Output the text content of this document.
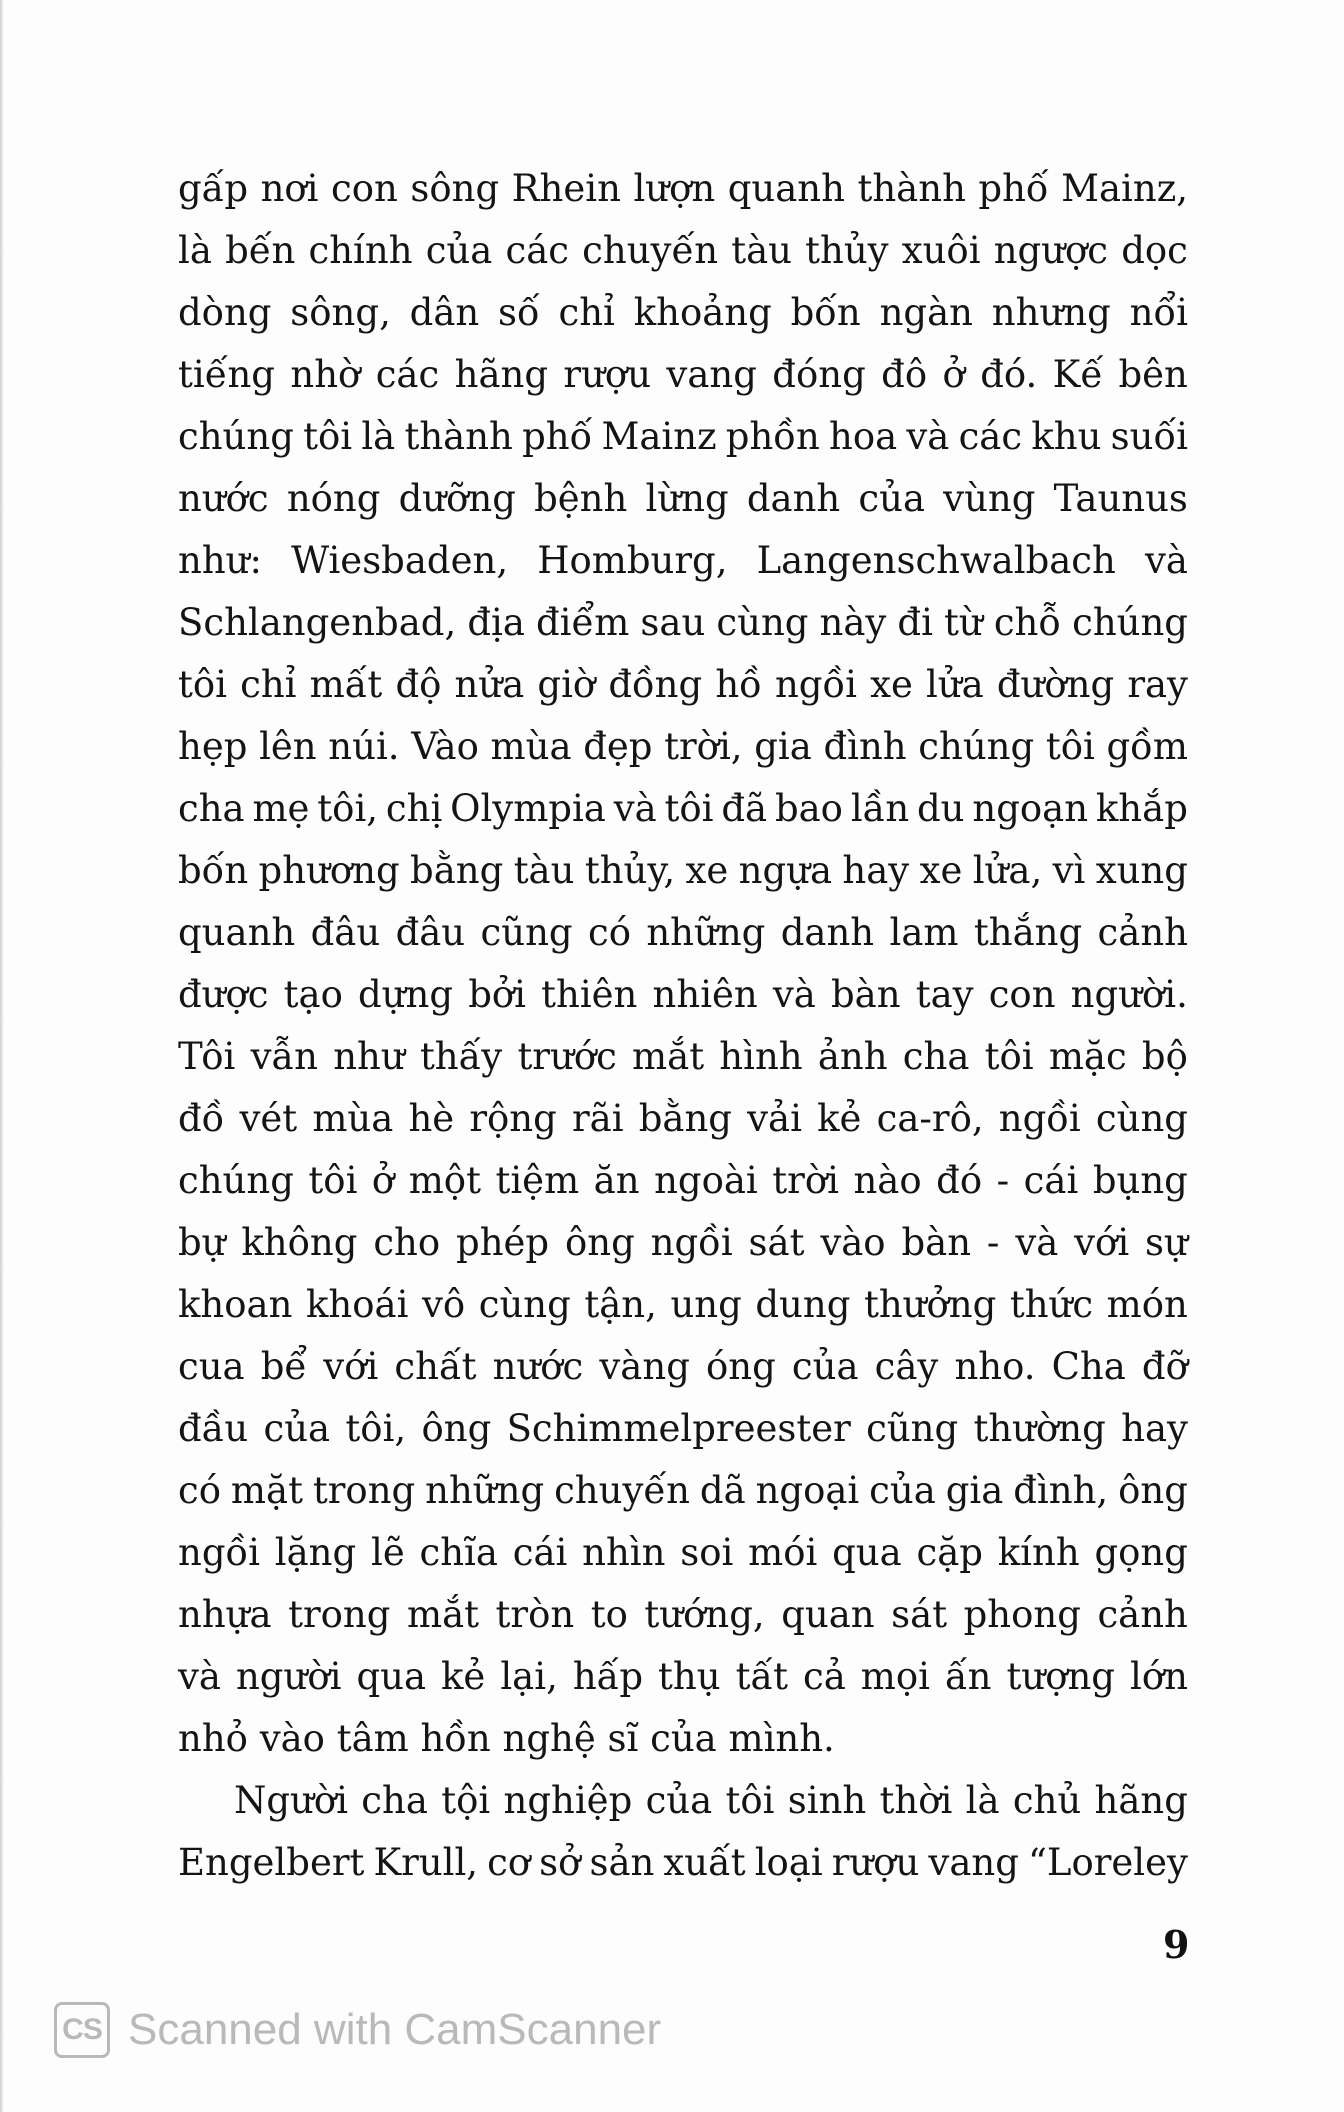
gấp nơi con sông Rhein lượn quanh thành phố Mainz,
là bến chính của các chuyến tàu thủy xuôi ngược dọc
dòng sông, dân số chỉ khoảng bốn ngàn nhưng nổi
tiếng nhờ các hãng rượu vang đóng đô ở đó. Kế bên
chúng tôi là thành phố Mainz phồn hoa và các khu suối
nước nóng dưỡng bệnh lừng danh của vùng Taunus
như: Wiesbaden, Homburg, Langenschwalbach và
Schlangenbad, địa điểm sau cùng này đi từ chỗ chúng
tôi chỉ mất độ nửa giờ đồng hồ ngồi xe lửa đường ray
hẹp lên núi. Vào mùa đẹp trời, gia đình chúng tôi gồm
cha mẹ tôi, chị Olympia và tôi đã bao lần du ngoạn khắp
bốn phương bằng tàu thủy, xe ngựa hay xe lửa, vì xung
quanh đâu đâu cũng có những danh lam thắng cảnh
được tạo dựng bởi thiên nhiên và bàn tay con người.
Tôi vẫn như thấy trước mắt hình ảnh cha tôi mặc bộ
đồ vét mùa hè rộng rãi bằng vải kẻ ca-rô, ngồi cùng
chúng tôi ở một tiệm ăn ngoài trời nào đó - cái bụng
bự không cho phép ông ngồi sát vào bàn - và với sự
khoan khoái vô cùng tận, ung dung thưởng thức món
cua bể với chất nước vàng óng của cây nho. Cha đỡ
đầu của tôi, ông Schimmelpreester cũng thường hay
có mặt trong những chuyến dã ngoại của gia đình, ông
ngồi lặng lẽ chĩa cái nhìn soi mói qua cặp kính gọng
nhựa trong mắt tròn to tướng, quan sát phong cảnh
và người qua kẻ lại, hấp thụ tất cả mọi ấn tượng lớn
nhỏ vào tâm hồn nghệ sĩ của mình.
Người cha tội nghiệp của tôi sinh thời là chủ hãng
Engelbert Krull, cơ sở sản xuất loại rượu vang “Loreley
9
CS Scanned with CamScanner
